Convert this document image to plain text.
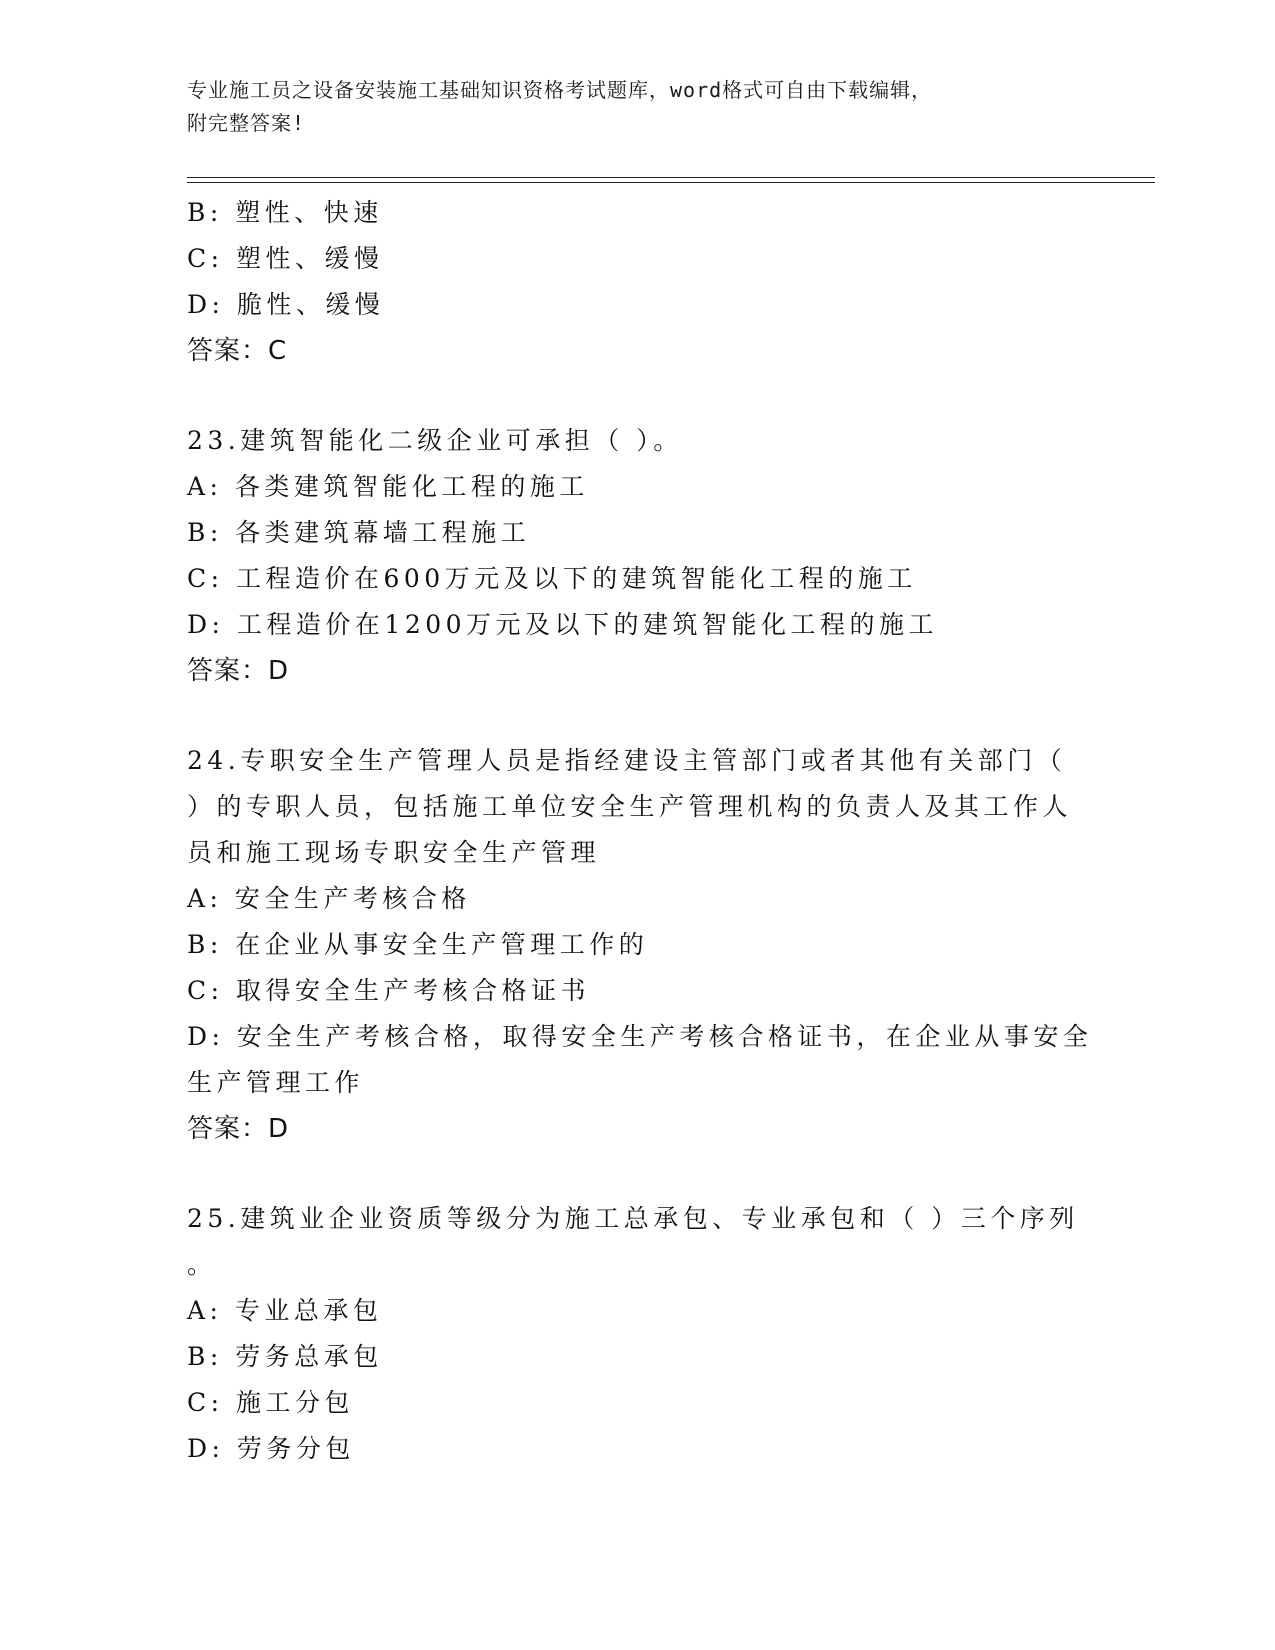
专业施工员之设备安装施工基础知识资格考试题库，word格式可自由下载编辑，
附完整答案!
B: 塑性、快速
C: 塑性、缓慢
D: 脆性、缓慢
答案：C
23.建筑智能化二级企业可承担（ ）。
A: 各类建筑智能化工程的施工
B: 各类建筑幕墙工程施工
C: 工程造价在600万元及以下的建筑智能化工程的施工
D: 工程造价在1200万元及以下的建筑智能化工程的施工
答案：D
24.专职安全生产管理人员是指经建设主管部门或者其他有关部门（
）的专职人员，包括施工单位安全生产管理机构的负责人及其工作人
员和施工现场专职安全生产管理
A: 安全生产考核合格
B: 在企业从事安全生产管理工作的
C: 取得安全生产考核合格证书
D: 安全生产考核合格，取得安全生产考核合格证书，在企业从事安全
生产管理工作
答案：D
25.建筑业企业资质等级分为施工总承包、专业承包和（ ）三个序列
。
A: 专业总承包
B: 劳务总承包
C: 施工分包
D: 劳务分包
